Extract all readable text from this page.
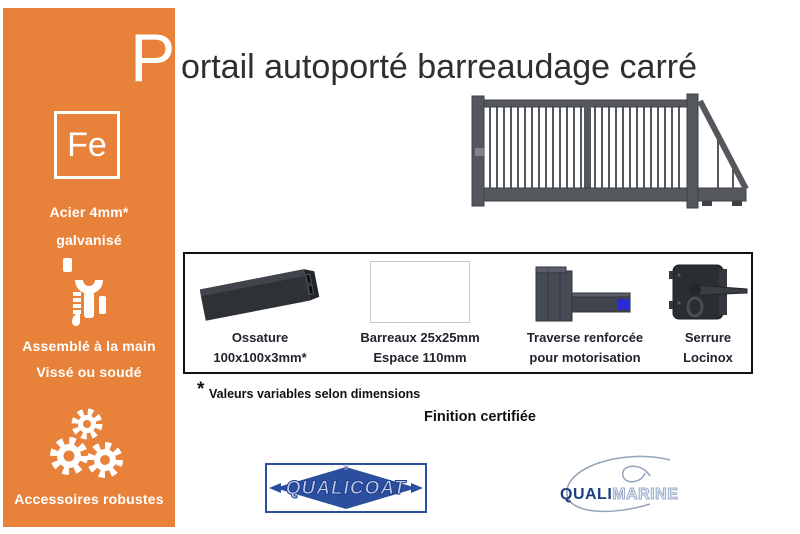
Fe
Acier 4mm*
galvanisé
Assemblé à la main
Vissé ou soudé
Accessoires robustes
P ortail autoporté barreaudage carré
Ossature
100x100x3mm*
Barreaux 25x25mm
Espace 110mm
Traverse renforcée
pour motorisation
Serrure
Locinox
* Valeurs variables selon dimensions
Finition certifiée
♛
QUALICOAT	QUALIMARINE
